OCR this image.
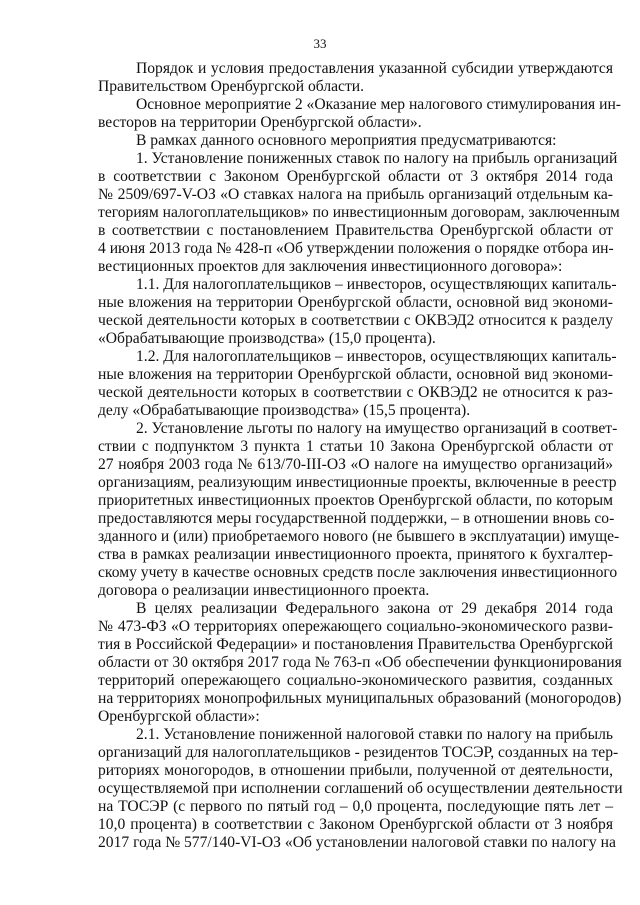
33
Порядок и условия предоставления указанной субсидии утверждаются
Правительством Оренбургской области.
Основное мероприятие 2 «Оказание мер налогового стимулирования ин-
весторов на территории Оренбургской области».
В рамках данного основного мероприятия предусматриваются:
1. Установление пониженных ставок по налогу на прибыль организаций
в соответствии с Законом Оренбургской области от 3 октября 2014 года
№ 2509/697-V-ОЗ «О ставках налога на прибыль организаций отдельным ка-
тегориям налогоплательщиков» по инвестиционным договорам, заключенным
в соответствии с постановлением Правительства Оренбургской области от
4 июня 2013 года № 428-п «Об утверждении положения о порядке отбора ин-
вестиционных проектов для заключения инвестиционного договора»:
1.1. Для налогоплательщиков – инвесторов, осуществляющих капиталь-
ные вложения на территории Оренбургской области, основной вид экономи-
ческой деятельности которых в соответствии с ОКВЭД2 относится к разделу
«Обрабатывающие производства» (15,0 процента).
1.2. Для налогоплательщиков – инвесторов, осуществляющих капиталь-
ные вложения на территории Оренбургской области, основной вид экономи-
ческой деятельности которых в соответствии с ОКВЭД2 не относится к раз-
делу «Обрабатывающие производства» (15,5 процента).
2. Установление льготы по налогу на имущество организаций в соответ-
ствии с подпунктом 3 пункта 1 статьи 10 Закона Оренбургской области от
27 ноября 2003 года № 613/70-III-ОЗ «О налоге на имущество организаций»
организациям, реализующим инвестиционные проекты, включенные в реестр
приоритетных инвестиционных проектов Оренбургской области, по которым
предоставляются меры государственной поддержки, – в отношении вновь со-
зданного и (или) приобретаемого нового (не бывшего в эксплуатации) имуще-
ства в рамках реализации инвестиционного проекта, принятого к бухгалтер-
скому учету в качестве основных средств после заключения инвестиционного
договора о реализации инвестиционного проекта.
В целях реализации Федерального закона от 29 декабря 2014 года
№ 473-ФЗ «О территориях опережающего социально-экономического разви-
тия в Российской Федерации» и постановления Правительства Оренбургской
области от 30 октября 2017 года № 763-п «Об обеспечении функционирования
территорий опережающего социально-экономического развития, созданных
на территориях монопрофильных муниципальных образований (моногородов)
Оренбургской области»:
2.1. Установление пониженной налоговой ставки по налогу на прибыль
организаций для налогоплательщиков - резидентов ТОСЭР, созданных на тер-
риториях моногородов, в отношении прибыли, полученной от деятельности,
осуществляемой при исполнении соглашений об осуществлении деятельности
на ТОСЭР (с первого по пятый год – 0,0 процента, последующие пять лет –
10,0 процента) в соответствии с Законом Оренбургской области от 3 ноября
2017 года № 577/140-VI-ОЗ «Об установлении налоговой ставки по налогу на
